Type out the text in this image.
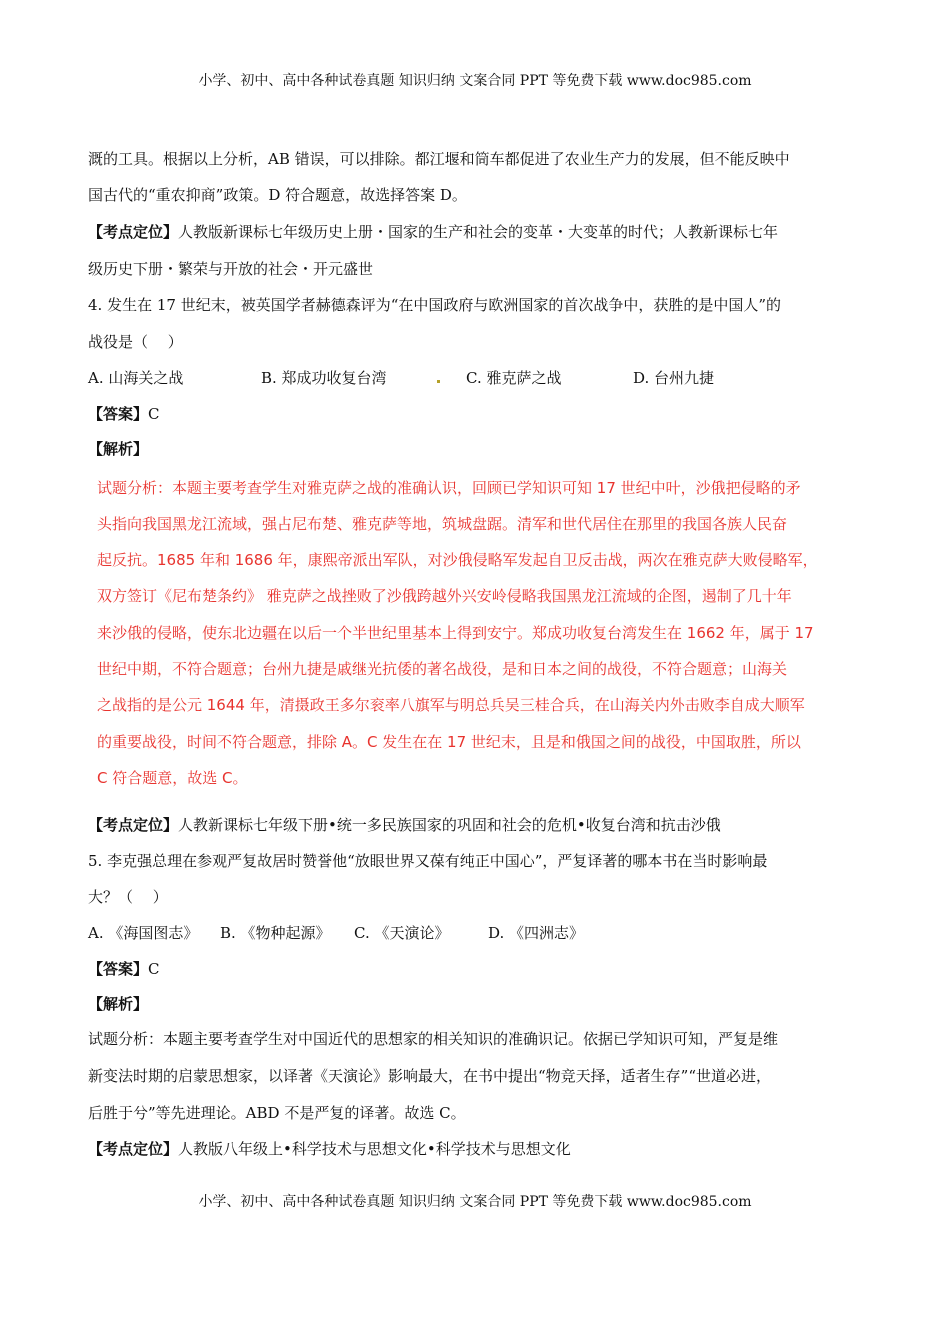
小学、初中、高中各种试卷真题 知识归纳 文案合同 PPT 等免费下载 www.doc985.com
溉的工具。根据以上分析，AB 错误，可以排除。都江堰和筒车都促进了农业生产力的发展，但不能反映中
国古代的“重农抑商”政策。D 符合题意，故选择答案 D。
【考点定位】人教版新课标七年级历史上册・国家的生产和社会的变革・大变革的时代；人教新课标七年
级历史下册・繁荣与开放的社会・开元盛世
4. 发生在 17 世纪末，被英国学者赫德森评为“在中国政府与欧洲国家的首次战争中，获胜的是中国人”的
战役是（　 ）
A. 山海关之战	B. 郑成功收复台湾	C. 雅克萨之战	D. 台州九捷
【答案】C
【解析】
试题分析：本题主要考查学生对雅克萨之战的准确认识，回顾已学知识可知 17 世纪中叶，沙俄把侵略的矛
头指向我国黑龙江流域，强占尼布楚、雅克萨等地，筑城盘踞。清军和世代居住在那里的我国各族人民奋
起反抗。1685 年和 1686 年，康熙帝派出军队，对沙俄侵略军发起自卫反击战，两次在雅克萨大败侵略军，
双方签订《尼布楚条约》 雅克萨之战挫败了沙俄跨越外兴安岭侵略我国黑龙江流域的企图，遏制了几十年
来沙俄的侵略，使东北边疆在以后一个半世纪里基本上得到安宁。郑成功收复台湾发生在 1662 年，属于 17
世纪中期，不符合题意；台州九捷是戚继光抗倭的著名战役，是和日本之间的战役，不符合题意；山海关
之战指的是公元 1644 年，清摄政王多尔衮率八旗军与明总兵吴三桂合兵，在山海关内外击败李自成大顺军
的重要战役，时间不符合题意，排除 A。C 发生在在 17 世纪末，且是和俄国之间的战役，中国取胜，所以
C 符合题意，故选 C。
【考点定位】人教新课标七年级下册•统一多民族国家的巩固和社会的危机•收复台湾和抗击沙俄
5. 李克强总理在参观严复故居时赞誉他“放眼世界又葆有纯正中国心”，严复译著的哪本书在当时影响最
大？（　 ）
A. 《海国图志》 B. 《物种起源》 C. 《天演论》	D. 《四洲志》
【答案】C
【解析】
试题分析：本题主要考查学生对中国近代的思想家的相关知识的准确识记。依据已学知识可知，严复是维
新变法时期的启蒙思想家，以译著《天演论》影响最大，在书中提出“物竞天择，适者生存”“世道必进，
后胜于兮”等先进理论。ABD 不是严复的译著。故选 C。
【考点定位】人教版八年级上•科学技术与思想文化•科学技术与思想文化
小学、初中、高中各种试卷真题 知识归纳 文案合同 PPT 等免费下载 www.doc985.com
